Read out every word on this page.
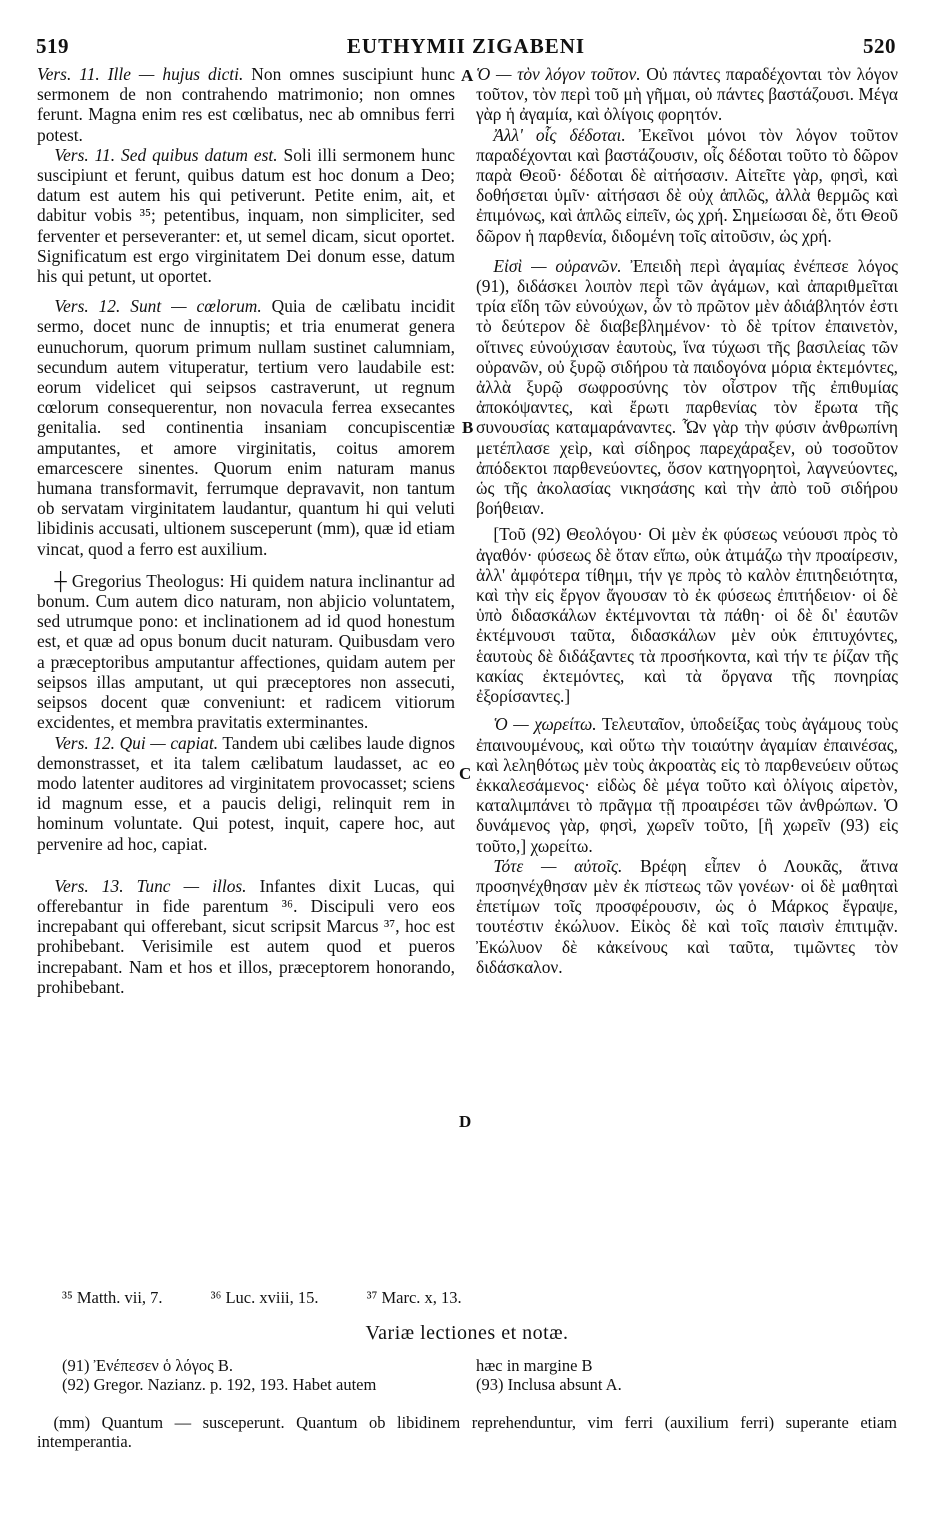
519	EUTHYMII ZIGABENI	520

Vers. 11. Ille — hujus dicti. Non omnes suscipiunt hunc sermonem de non contrahendo matrimonio; non omnes ferunt. Magna enim res est cœlibatus, nec ab omnibus ferri potest.

Vers. 11. Sed quibus datum est. Soli illi sermonem hunc suscipiunt et ferunt, quibus datum est hoc donum a Deo; datum est autem his qui petiverunt. Petite enim, ait, et dabitur vobis ³⁵; petentibus, inquam, non simpliciter, sed ferventer et perseveranter: et, ut semel dicam, sicut oportet. Significatum est ergo virginitatem Dei donum esse, datum his qui petunt, ut oportet.

Vers. 12. Sunt — cœlorum. Quia de cælibatu incidit sermo, docet nunc de innuptis; et tria enumerat genera eunuchorum, quorum primum nullam sustinet calumniam, secundum autem vituperatur, tertium vero laudabile est: eorum videlicet qui seipsos castraverunt, ut regnum cœlorum consequerentur, non novacula ferrea exsecantes genitalia. sed continentia insaniam concupiscentiæ amputantes, et amore virginitatis, coitus amorem emarcescere sinentes. Quorum enim naturam manus humana transformavit, ferrumque depravavit, non tantum ob servatam virginitatem laudantur, quantum hi qui veluti libidinis accusati, ultionem susceperunt (mm), quæ id etiam vincat, quod a ferro est auxilium.

┼ Gregorius Theologus: Hi quidem natura inclinantur ad bonum. Cum autem dico naturam, non abjicio voluntatem, sed utrumque pono: et inclinationem ad id quod honestum est, et quæ ad opus bonum ducit naturam. Quibusdam vero a præceptoribus amputantur affectiones, quidam autem per seipsos illas amputant, ut qui præceptores non assecuti, seipsos docent quæ conveniunt: et radicem vitiorum excidentes, et membra pravitatis exterminantes.

Vers. 12. Qui — capiat. Tandem ubi cælibes laude dignos demonstrasset, et ita talem cælibatum laudasset, ac eo modo latenter auditores ad virginitatem provocasset; sciens id magnum esse, et a paucis deligi, relinquit rem in hominum voluntate. Qui potest, inquit, capere hoc, aut pervenire ad hoc, capiat.

Vers. 13. Tunc — illos. Infantes dixit Lucas, qui offerebantur in fide parentum ³⁶. Discipuli vero eos increpabant qui offerebant, sicut scripsit Marcus ³⁷, hoc est prohibebant. Verisimile est autem quod et pueros increpabant. Nam et hos et illos, præceptorem honorando, prohibebant.

A
B
C
D

Ὁ — τὸν λόγον τοῦτον. Οὐ πάντες παραδέχονται τὸν λόγον τοῦτον, τὸν περὶ τοῦ μὴ γῆμαι, οὐ πάντες βαστάζουσι. Μέγα γὰρ ἡ ἀγαμία, καὶ ὀλίγοις φορητόν.

Ἀλλ' οἷς δέδοται. Ἐκεῖνοι μόνοι τὸν λόγον τοῦτον παραδέχονται καὶ βαστάζουσιν, οἷς δέδοται τοῦτο τὸ δῶρον παρὰ Θεοῦ· δέδοται δὲ αἰτήσασιν. Αἰτεῖτε γὰρ, φησὶ, καὶ δοθήσεται ὑμῖν· αἰτήσασι δὲ οὐχ ἁπλῶς, ἀλλὰ θερμῶς καὶ ἐπιμόνως, καὶ ἁπλῶς εἰπεῖν, ὡς χρή. Σημείωσαι δὲ, ὅτι Θεοῦ δῶρον ἡ παρθενία, διδομένη τοῖς αἰτοῦσιν, ὡς χρή.

Εἰσὶ — οὐρανῶν. Ἐπειδὴ περὶ ἀγαμίας ἐνέπεσε λόγος (91), διδάσκει λοιπὸν περὶ τῶν ἀγάμων, καὶ ἀπαριθμεῖται τρία εἴδη τῶν εὐνούχων, ὧν τὸ πρῶτον μὲν ἀδιάβλητόν ἐστι τὸ δεύτερον δὲ διαβεβλημένον· τὸ δὲ τρίτον ἐπαινετὸν, οἵτινες εὐνούχισαν ἑαυτοὺς, ἵνα τύχωσι τῆς βασιλείας τῶν οὐρανῶν, οὐ ξυρῷ σιδήρου τὰ παιδογόνα μόρια ἐκτεμόντες, ἀλλὰ ξυρῷ σωφροσύνης τὸν οἶστρον τῆς ἐπιθυμίας ἀποκόψαντες, καὶ ἔρωτι παρθενίας τὸν ἔρωτα τῆς συνουσίας καταμαράναντες. Ὧν γὰρ τὴν φύσιν ἀνθρωπίνη μετέπλασε χεὶρ, καὶ σίδηρος παρεχάραξεν, οὐ τοσοῦτον ἀπόδεκτοι παρθενεύοντες, ὅσον κατηγορητοὶ, λαγνεύοντες, ὡς τῆς ἀκολασίας νικησάσης καὶ τὴν ἀπὸ τοῦ σιδήρου βοήθειαν.

[Τοῦ (92) Θεολόγου· Οἱ μὲν ἐκ φύσεως νεύουσι πρὸς τὸ ἀγαθόν· φύσεως δὲ ὅταν εἴπω, οὐκ ἀτιμάζω τὴν προαίρεσιν, ἀλλ' ἀμφότερα τίθημι, τήν γε πρὸς τὸ καλὸν ἐπιτηδειότητα, καὶ τὴν εἰς ἔργον ἄγουσαν τὸ ἐκ φύσεως ἐπιτήδειον· οἱ δὲ ὑπὸ διδασκάλων ἐκτέμνονται τὰ πάθη· οἱ δὲ δι' ἑαυτῶν ἐκτέμνουσι ταῦτα, διδασκάλων μὲν οὐκ ἐπιτυχόντες, ἑαυτοὺς δὲ διδάξαντες τὰ προσήκοντα, καὶ τήν τε ῥίζαν τῆς κακίας ἐκτεμόντες, καὶ τὰ ὄργανα τῆς πονηρίας ἐξορίσαντες.]

Ὁ — χωρείτω. Τελευταῖον, ὑποδείξας τοὺς ἀγάμους τοὺς ἐπαινουμένους, καὶ οὕτω τὴν τοιαύτην ἀγαμίαν ἐπαινέσας, καὶ λεληθότως μὲν τοὺς ἀκροατὰς εἰς τὸ παρθενεύειν οὕτως ἐκκαλεσάμενος· εἰδὼς δὲ μέγα τοῦτο καὶ ὀλίγοις αἱρετὸν, καταλιμπάνει τὸ πρᾶγμα τῇ προαιρέσει τῶν ἀνθρώπων. Ὁ δυνάμενος γὰρ, φησὶ, χωρεῖν τοῦτο, [ἢ χωρεῖν (93) εἰς τοῦτο,] χωρείτω.

Τότε — αὐτοῖς. Βρέφη εἶπεν ὁ Λουκᾶς, ἅτινα προσηνέχθησαν μὲν ἐκ πίστεως τῶν γονέων· οἱ δὲ μαθηταὶ ἐπετίμων τοῖς προσφέρουσιν, ὡς ὁ Μάρκος ἔγραψε, τουτέστιν ἐκώλυον. Εἰκὸς δὲ καὶ τοῖς παισὶν ἐπιτιμᾷν. Ἐκώλυον δὲ κἀκείνους καὶ ταῦτα, τιμῶντες τὸν διδάσκαλον.

³⁵ Matth. vii, 7.	³⁶ Luc. xviii, 15.	³⁷ Marc. x, 13.
Variæ lectiones et notæ.
(91) Ἐνέπεσεν ὁ λόγος B.
(92) Gregor. Nazianz. p. 192, 193. Habet autem
hæc in margine B
(93) Inclusa absunt A.
(mm) Quantum — susceperunt. Quantum ob libidinem reprehenduntur, vim ferri (auxilium ferri) superante etiam intemperantia.
